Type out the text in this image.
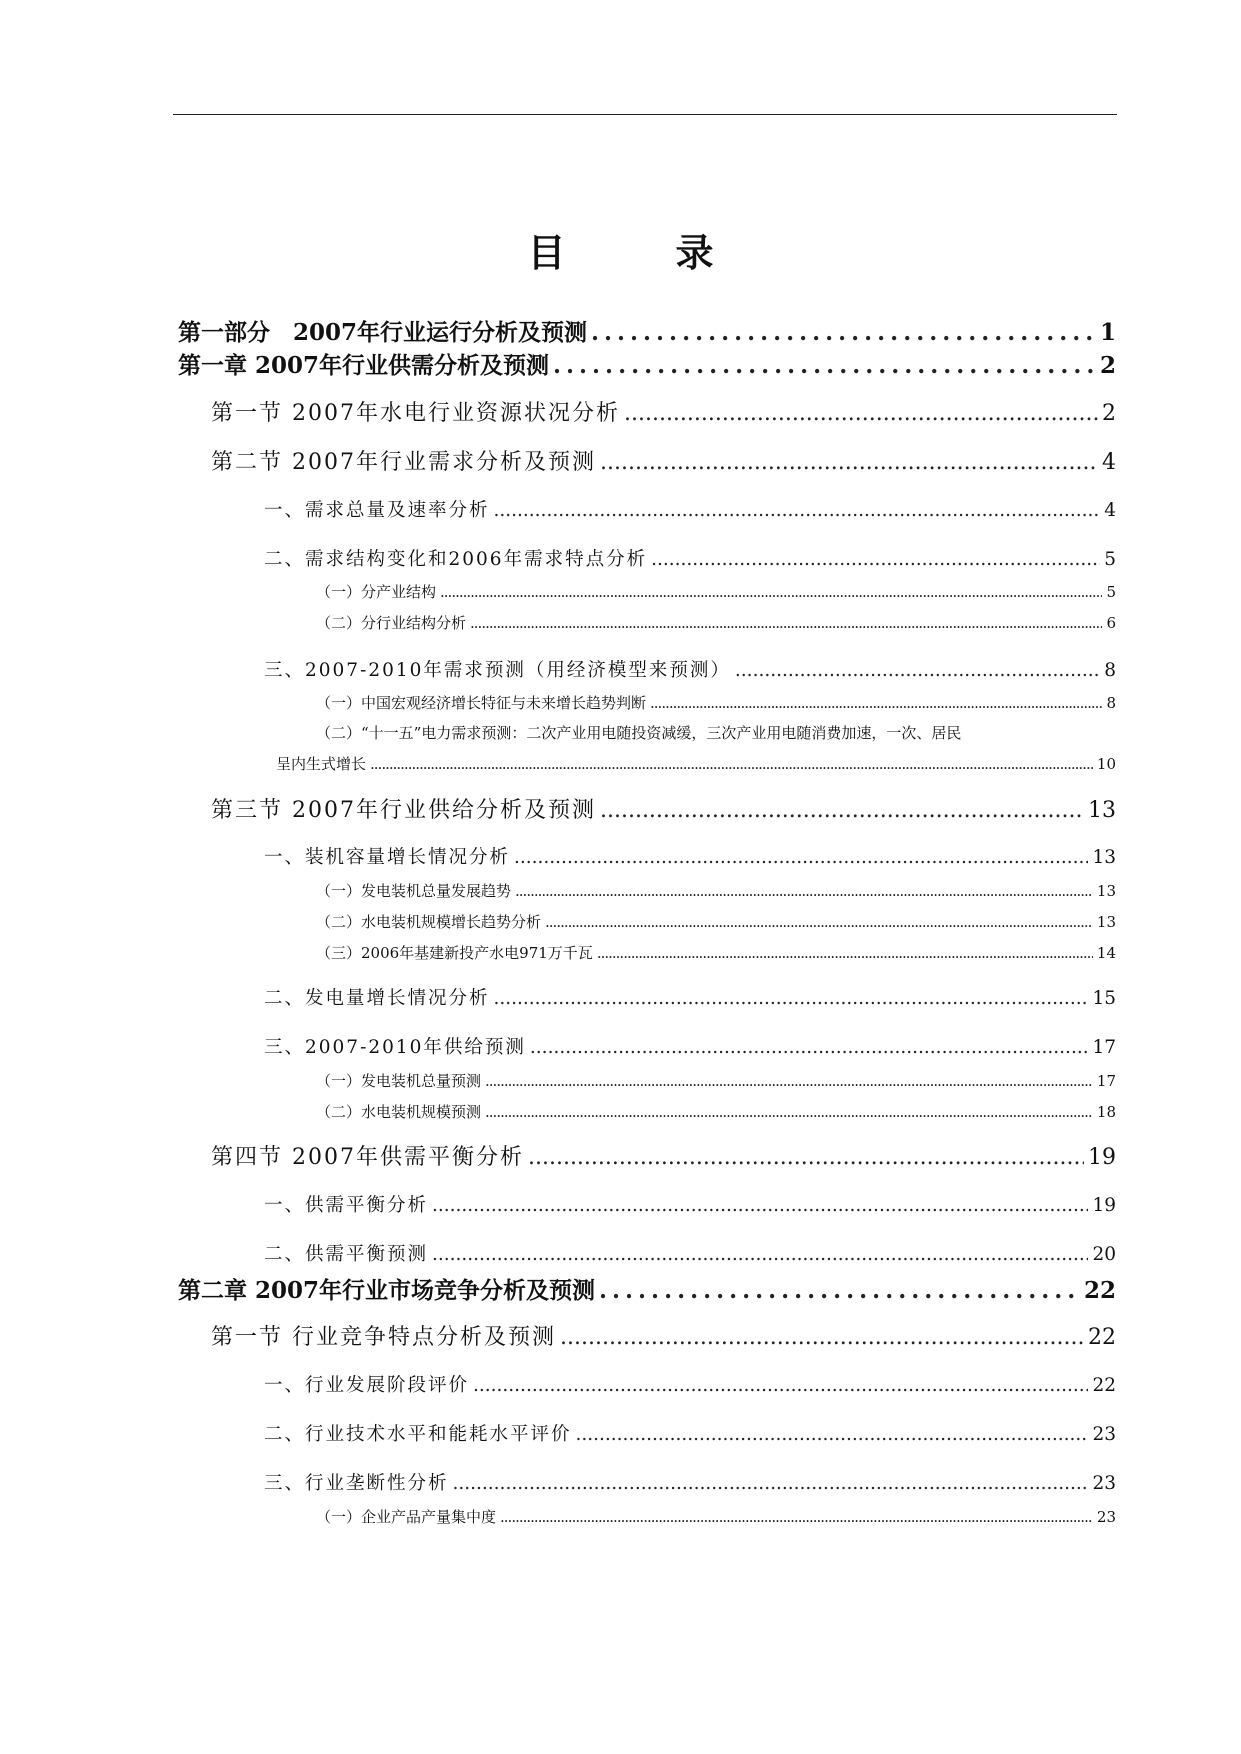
目　录
第一部分　2007年行业运行分析及预测 .....	1
第一章 2007年行业供需分析及预测 .....	2
第一节 2007年水电行业资源状况分析 .....	2
第二节 2007年行业需求分析及预测 .....	4
一、需求总量及速率分析 .....	4
二、需求结构变化和2006年需求特点分析 .....	5
（一）分产业结构 .....	5
（二）分行业结构分析 .....	6
三、2007-2010年需求预测（用经济模型来预测） .....	8
（一）中国宏观经济增长特征与未来增长趋势判断 .....	8
（二）“十一五”电力需求预测：二次产业用电随投资减缓，三次产业用电随消费加速，一次、居民
呈内生式增长 .....	10
第三节 2007年行业供给分析及预测 .....	13
一、装机容量增长情况分析 .....	13
（一）发电装机总量发展趋势 .....	13
（二）水电装机规模增长趋势分析 .....	13
（三）2006年基建新投产水电971万千瓦 .....	14
二、发电量增长情况分析 .....	15
三、2007-2010年供给预测 .....	17
（一）发电装机总量预测 .....	17
（二）水电装机规模预测 .....	18
第四节 2007年供需平衡分析 .....	19
一、供需平衡分析 .....	19
二、供需平衡预测 .....	20
第二章 2007年行业市场竞争分析及预测 .....	22
第一节 行业竞争特点分析及预测 .....	22
一、行业发展阶段评价 .....	22
二、行业技术水平和能耗水平评价 .....	23
三、行业垄断性分析 .....	23
（一）企业产品产量集中度 .....	23
